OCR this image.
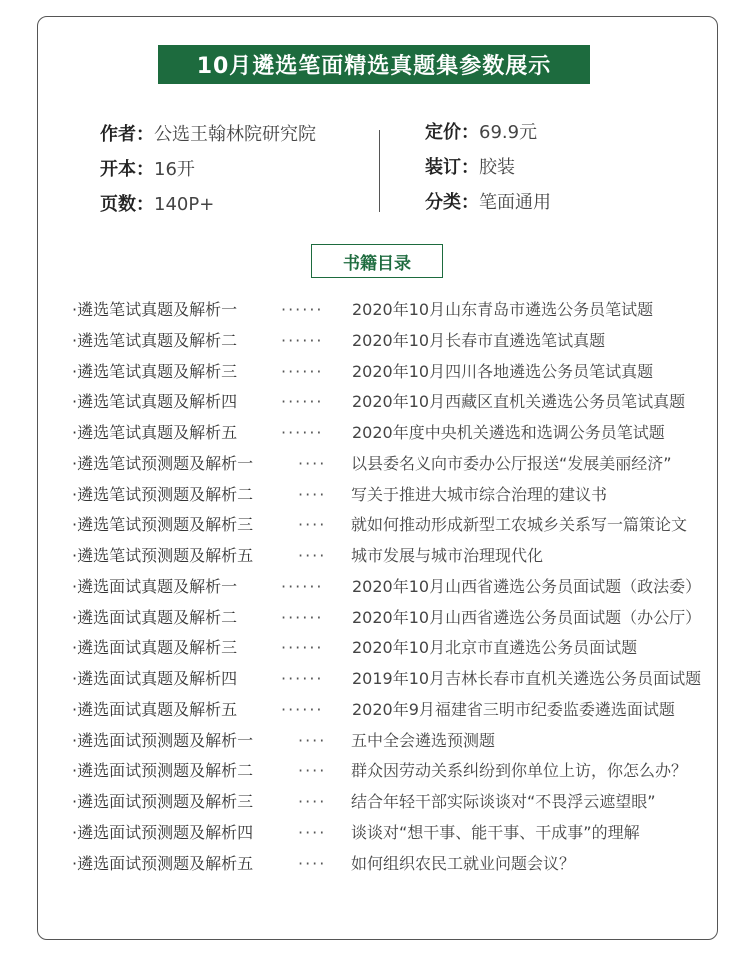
10月遴选笔面精选真题集参数展示
作者：公选王翰林院研究院
开本：16开
页数：140P+
定价：69.9元
装订：胶装
分类：笔面通用
书籍目录
·遴选笔试真题及解析一	······ 2020年10月山东青岛市遴选公务员笔试题
·遴选笔试真题及解析二	······ 2020年10月长春市直遴选笔试真题
·遴选笔试真题及解析三	······ 2020年10月四川各地遴选公务员笔试真题
·遴选笔试真题及解析四	······ 2020年10月西藏区直机关遴选公务员笔试真题
·遴选笔试真题及解析五	······ 2020年度中央机关遴选和选调公务员笔试题
·遴选笔试预测题及解析一	···· 以县委名义向市委办公厅报送“发展美丽经济”
·遴选笔试预测题及解析二	···· 写关于推进大城市综合治理的建议书
·遴选笔试预测题及解析三	···· 就如何推动形成新型工农城乡关系写一篇策论文
·遴选笔试预测题及解析五	···· 城市发展与城市治理现代化
·遴选面试真题及解析一	······ 2020年10月山西省遴选公务员面试题（政法委）
·遴选面试真题及解析二	······ 2020年10月山西省遴选公务员面试题（办公厅）
·遴选面试真题及解析三	······ 2020年10月北京市直遴选公务员面试题
·遴选面试真题及解析四	······ 2019年10月吉林长春市直机关遴选公务员面试题
·遴选面试真题及解析五	······ 2020年9月福建省三明市纪委监委遴选面试题
·遴选面试预测题及解析一	···· 五中全会遴选预测题
·遴选面试预测题及解析二	···· 群众因劳动关系纠纷到你单位上访，你怎么办？
·遴选面试预测题及解析三	···· 结合年轻干部实际谈谈对“不畏浮云遮望眼”
·遴选面试预测题及解析四	···· 谈谈对“想干事、能干事、干成事”的理解
·遴选面试预测题及解析五	···· 如何组织农民工就业问题会议？
